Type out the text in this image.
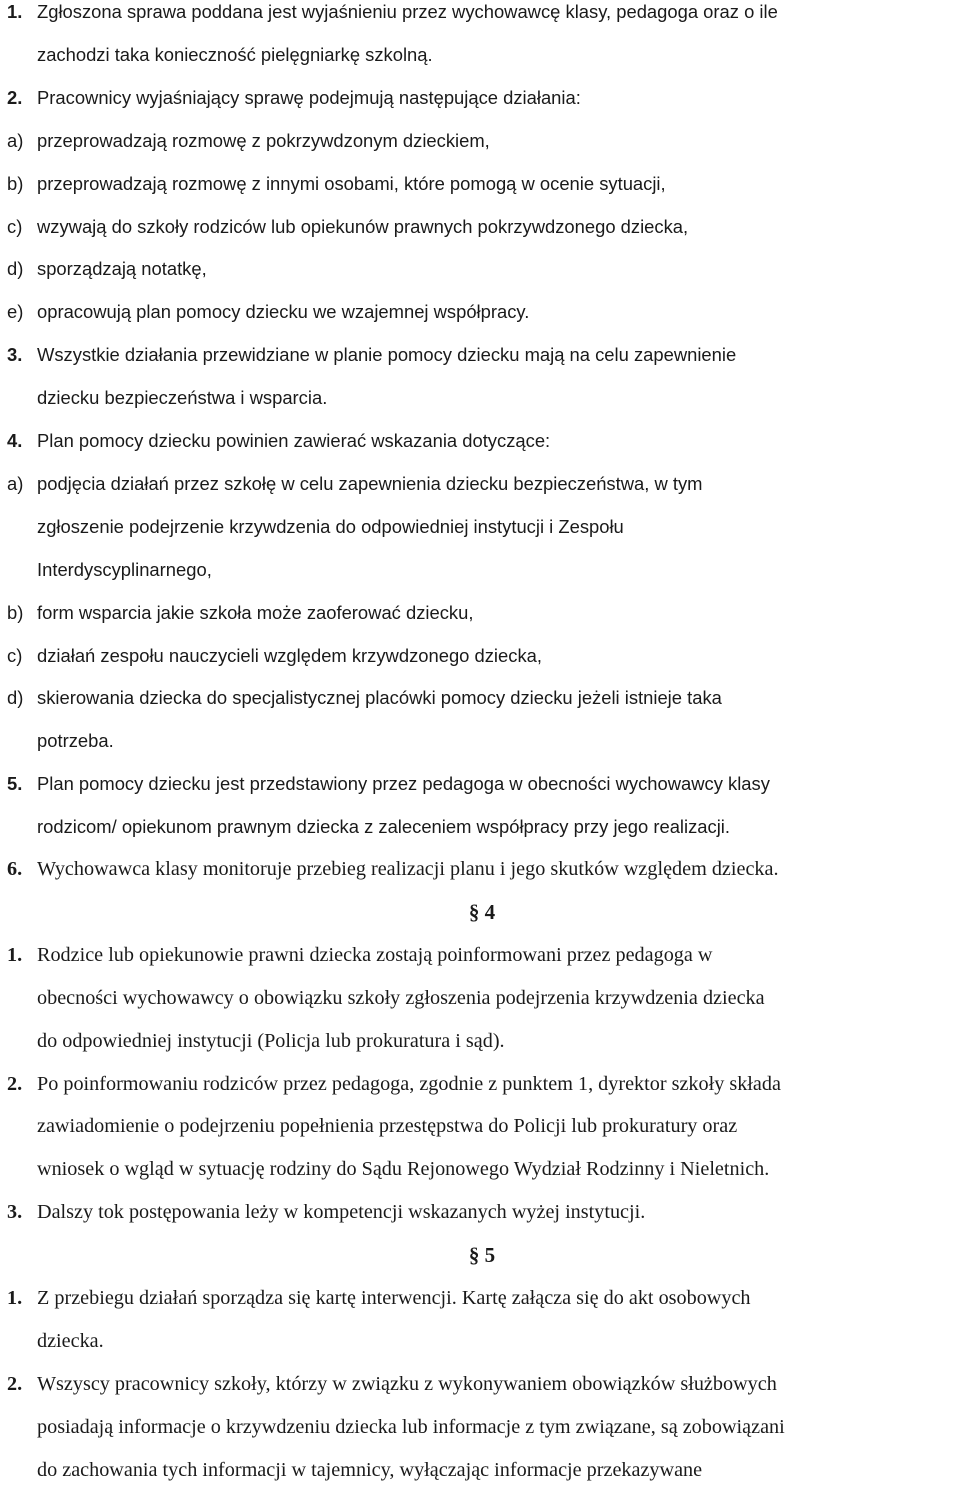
1. Zgłoszona sprawa poddana jest wyjaśnieniu przez wychowawcę klasy, pedagoga oraz o ile
zachodzi taka konieczność pielęgniarkę szkolną.
2. Pracownicy wyjaśniający sprawę podejmują następujące działania:
a) przeprowadzają rozmowę z pokrzywdzonym dzieckiem,
b) przeprowadzają rozmowę z innymi osobami, które pomogą w ocenie sytuacji,
c) wzywają do szkoły rodziców lub opiekunów prawnych pokrzywdzonego dziecka,
d) sporządzają notatkę,
e) opracowują plan pomocy dziecku we wzajemnej współpracy.
3. Wszystkie działania przewidziane w planie pomocy dziecku mają na celu zapewnienie
dziecku bezpieczeństwa i wsparcia.
4. Plan pomocy dziecku powinien zawierać wskazania dotyczące:
a) podjęcia działań przez szkołę w celu zapewnienia dziecku bezpieczeństwa, w tym
zgłoszenie podejrzenie krzywdzenia do odpowiedniej instytucji i Zespołu
Interdyscyplinarnego,
b) form wsparcia jakie szkoła może zaoferować dziecku,
c) działań zespołu nauczycieli względem krzywdzonego dziecka,
d) skierowania dziecka do specjalistycznej placówki pomocy dziecku jeżeli istnieje taka
potrzeba.
5. Plan pomocy dziecku jest przedstawiony przez pedagoga w obecności wychowawcy klasy
rodzicom/ opiekunom prawnym dziecka z zaleceniem współpracy przy jego realizacji.
6. Wychowawca klasy monitoruje przebieg realizacji planu i jego skutków względem dziecka.
§ 4
1. Rodzice lub opiekunowie prawni dziecka zostają poinformowani przez pedagoga w
obecności wychowawcy o obowiązku szkoły zgłoszenia podejrzenia krzywdzenia dziecka
do odpowiedniej instytucji (Policja lub prokuratura i sąd).
2. Po poinformowaniu rodziców przez pedagoga, zgodnie z punktem 1, dyrektor szkoły składa
zawiadomienie o podejrzeniu popełnienia przestępstwa do Policji lub prokuratury oraz
wniosek o wgląd w sytuację rodziny do Sądu Rejonowego Wydział Rodzinny i Nieletnich.
3. Dalszy tok postępowania leży w kompetencji wskazanych wyżej instytucji.
§ 5
1. Z przebiegu działań sporządza się kartę interwencji. Kartę załącza się do akt osobowych
dziecka.
2. Wszyscy pracownicy szkoły, którzy w związku z wykonywaniem obowiązków służbowych
posiadają informacje o krzywdzeniu dziecka lub informacje z tym związane, są zobowiązani
do zachowania tych informacji w tajemnicy, wyłączając informacje przekazywane
